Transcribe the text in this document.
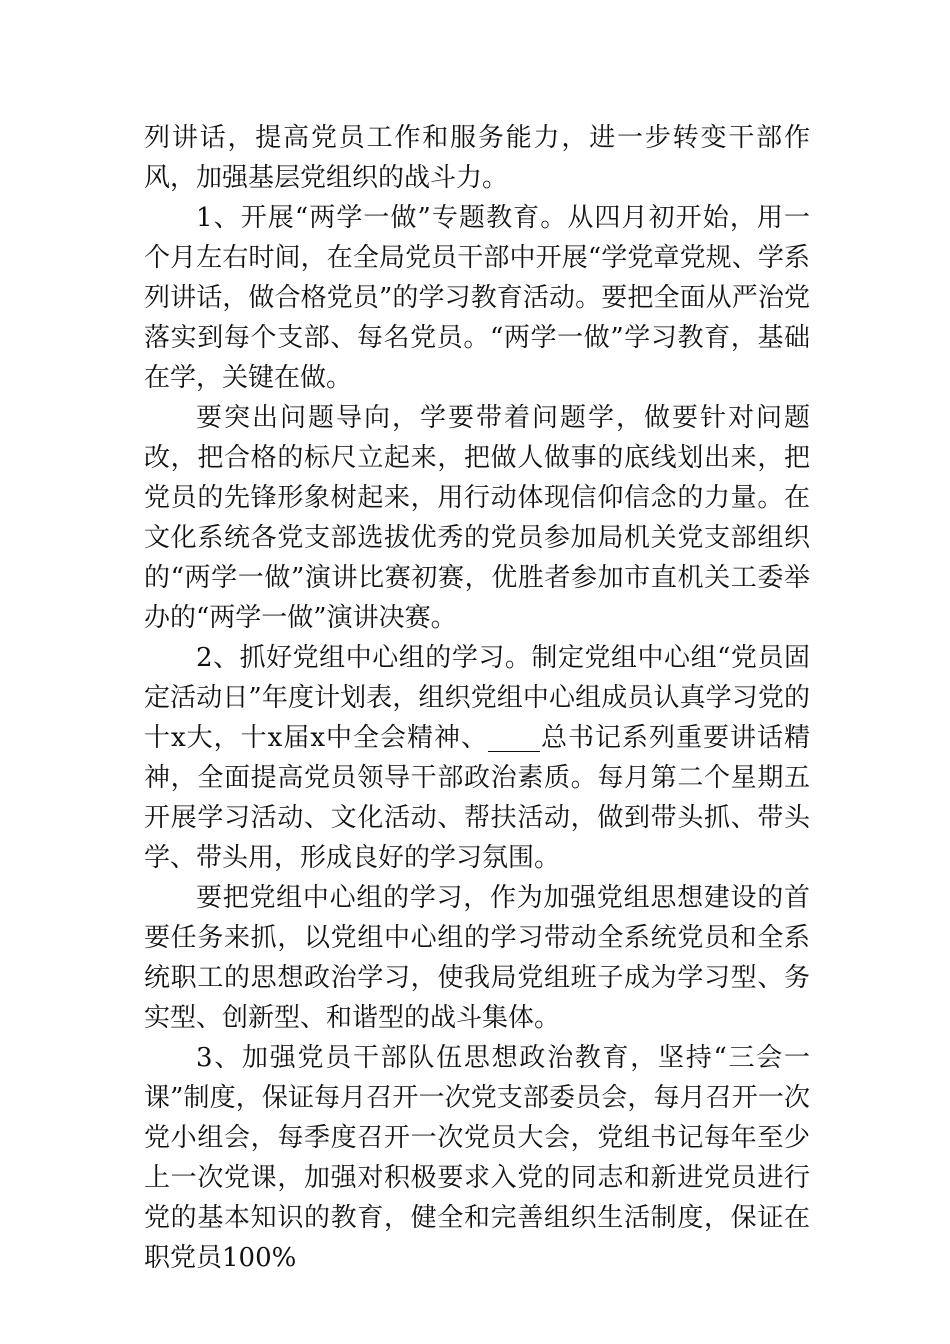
列讲话，提高党员工作和服务能力，进一步转变干部作风，加强基层党组织的战斗力。

1、开展“两学一做”专题教育。从四月初开始，用一个月左右时间，在全局党员干部中开展“学党章党规、学系列讲话，做合格党员”的学习教育活动。要把全面从严治党落实到每个支部、每名党员。“两学一做”学习教育，基础在学，关键在做。

要突出问题导向，学要带着问题学，做要针对问题改，把合格的标尺立起来，把做人做事的底线划出来，把党员的先锋形象树起来，用行动体现信仰信念的力量。在文化系统各党支部选拔优秀的党员参加局机关党支部组织的“两学一做”演讲比赛初赛，优胜者参加市直机关工委举办的“两学一做”演讲决赛。

2、抓好党组中心组的学习。制定党组中心组“党员固定活动日”年度计划表，组织党组中心组成员认真学习党的十x大，十x届x中全会精神、____总书记系列重要讲话精神，全面提高党员领导干部政治素质。每月第二个星期五开展学习活动、文化活动、帮扶活动，做到带头抓、带头学、带头用，形成良好的学习氛围。

要把党组中心组的学习，作为加强党组思想建设的首要任务来抓，以党组中心组的学习带动全系统党员和全系统职工的思想政治学习，使我局党组班子成为学习型、务实型、创新型、和谐型的战斗集体。

3、加强党员干部队伍思想政治教育，坚持“三会一课”制度，保证每月召开一次党支部委员会，每月召开一次党小组会，每季度召开一次党员大会，党组书记每年至少上一次党课，加强对积极要求入党的同志和新进党员进行党的基本知识的教育，健全和完善组织生活制度，保证在职党员100%
